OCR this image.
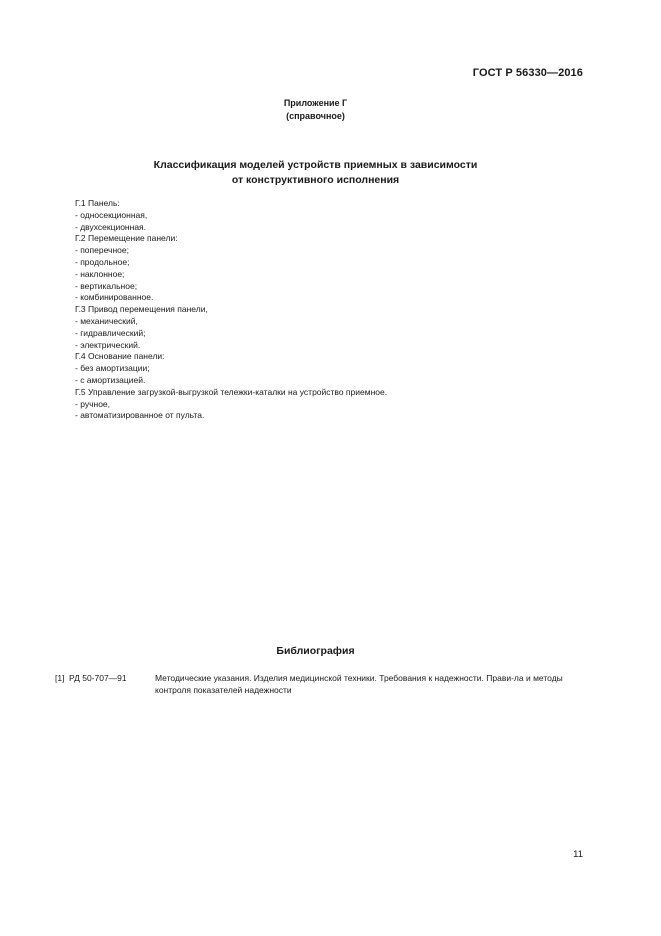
ГОСТ Р 56330—2016
Приложение Г
(справочное)
Классификация моделей устройств приемных в зависимости
от конструктивного исполнения
Г.1 Панель:
- односекционная,
- двухсекционная.
Г.2 Перемещение панели:
- поперечное;
- продольное;
- наклонное;
- вертикальное;
- комбинированное.
Г.3 Привод перемещения панели,
- механический,
- гидравлический;
- электрический.
Г.4 Основание панели:
- без амортизации;
- с амортизацией.
Г.5 Управление загрузкой-выгрузкой тележки-каталки на устройство приемное.
- ручное,
- автоматизированное от пульта.
Библиография
[1] РД 50-707—91	Методические указания. Изделия медицинской техники. Требования к надежности. Прави-ла и методы контроля показателей надежности
11
